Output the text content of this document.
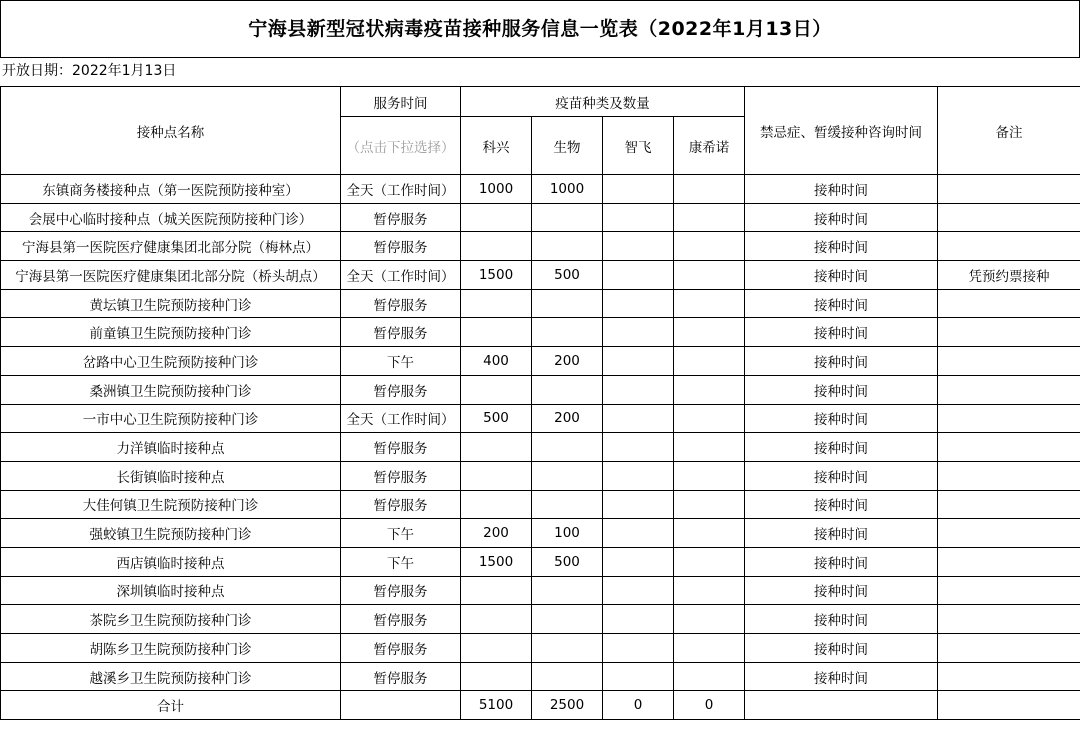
宁海县新型冠状病毒疫苗接种服务信息一览表（2022年1月13日）
开放日期：2022年1月13日
接种点名称	服务时间	疫苗种类及数量				禁忌症、暂缓接种咨询时间	备注
	（点击下拉选择）	科兴	生物	智飞	康希诺		
东镇商务楼接种点（第一医院预防接种室）	全天（工作时间）	1000	1000			接种时间	
会展中心临时接种点（城关医院预防接种门诊）	暂停服务					接种时间	
宁海县第一医院医疗健康集团北部分院（梅林点）	暂停服务					接种时间	
宁海县第一医院医疗健康集团北部分院（桥头胡点）	全天（工作时间）	1500	500			接种时间	凭预约票接种
黄坛镇卫生院预防接种门诊	暂停服务					接种时间	
前童镇卫生院预防接种门诊	暂停服务					接种时间	
岔路中心卫生院预防接种门诊	下午	400	200			接种时间	
桑洲镇卫生院预防接种门诊	暂停服务					接种时间	
一市中心卫生院预防接种门诊	全天（工作时间）	500	200			接种时间	
力洋镇临时接种点	暂停服务					接种时间	
长街镇临时接种点	暂停服务					接种时间	
大佳何镇卫生院预防接种门诊	暂停服务					接种时间	
强蛟镇卫生院预防接种门诊	下午	200	100			接种时间	
西店镇临时接种点	下午	1500	500			接种时间	
深圳镇临时接种点	暂停服务					接种时间	
茶院乡卫生院预防接种门诊	暂停服务					接种时间	
胡陈乡卫生院预防接种门诊	暂停服务					接种时间	
越溪乡卫生院预防接种门诊	暂停服务					接种时间	
合计		5100	2500	0	0		
